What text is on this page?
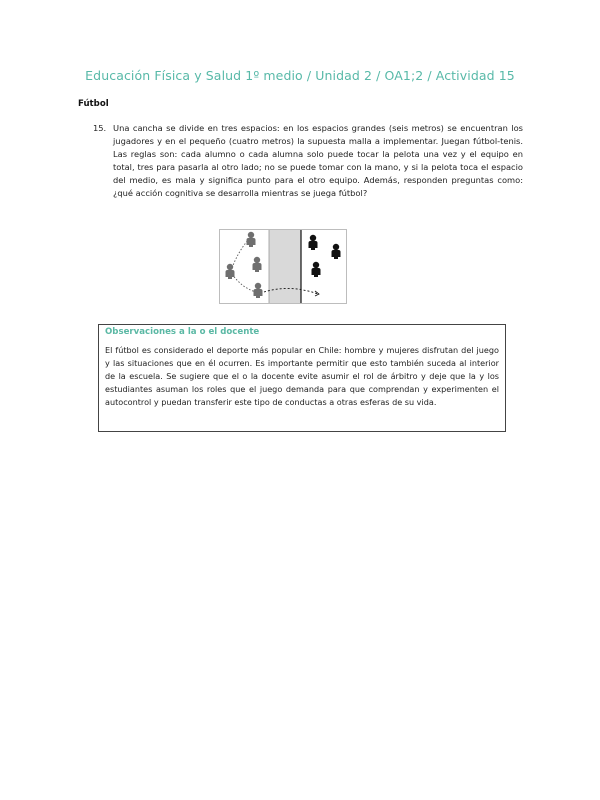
Educación Física y Salud 1º medio / Unidad 2 / OA1;2 / Actividad 15
Fútbol
15. Una cancha se divide en tres espacios: en los espacios grandes (seis metros) se encuentran los jugadores y en el pequeño (cuatro metros) la supuesta malla a implementar. Juegan fútbol-tenis. Las reglas son: cada alumno o cada alumna solo puede tocar la pelota una vez y el equipo en total, tres para pasarla al otro lado; no se puede tomar con la mano, y si la pelota toca el espacio del medio, es mala y significa punto para el otro equipo. Además, responden preguntas como: ¿qué acción cognitiva se desarrolla mientras se juega fútbol?
Observaciones a la o el docente
El fútbol es considerado el deporte más popular en Chile: hombre y mujeres disfrutan del juego y las situaciones que en él ocurren. Es importante permitir que esto también suceda al interior de la escuela. Se sugiere que el o la docente evite asumir el rol de árbitro y deje que la y los estudiantes asuman los roles que el juego demanda para que comprendan y experimenten el autocontrol y puedan transferir este tipo de conductas a otras esferas de su vida.
